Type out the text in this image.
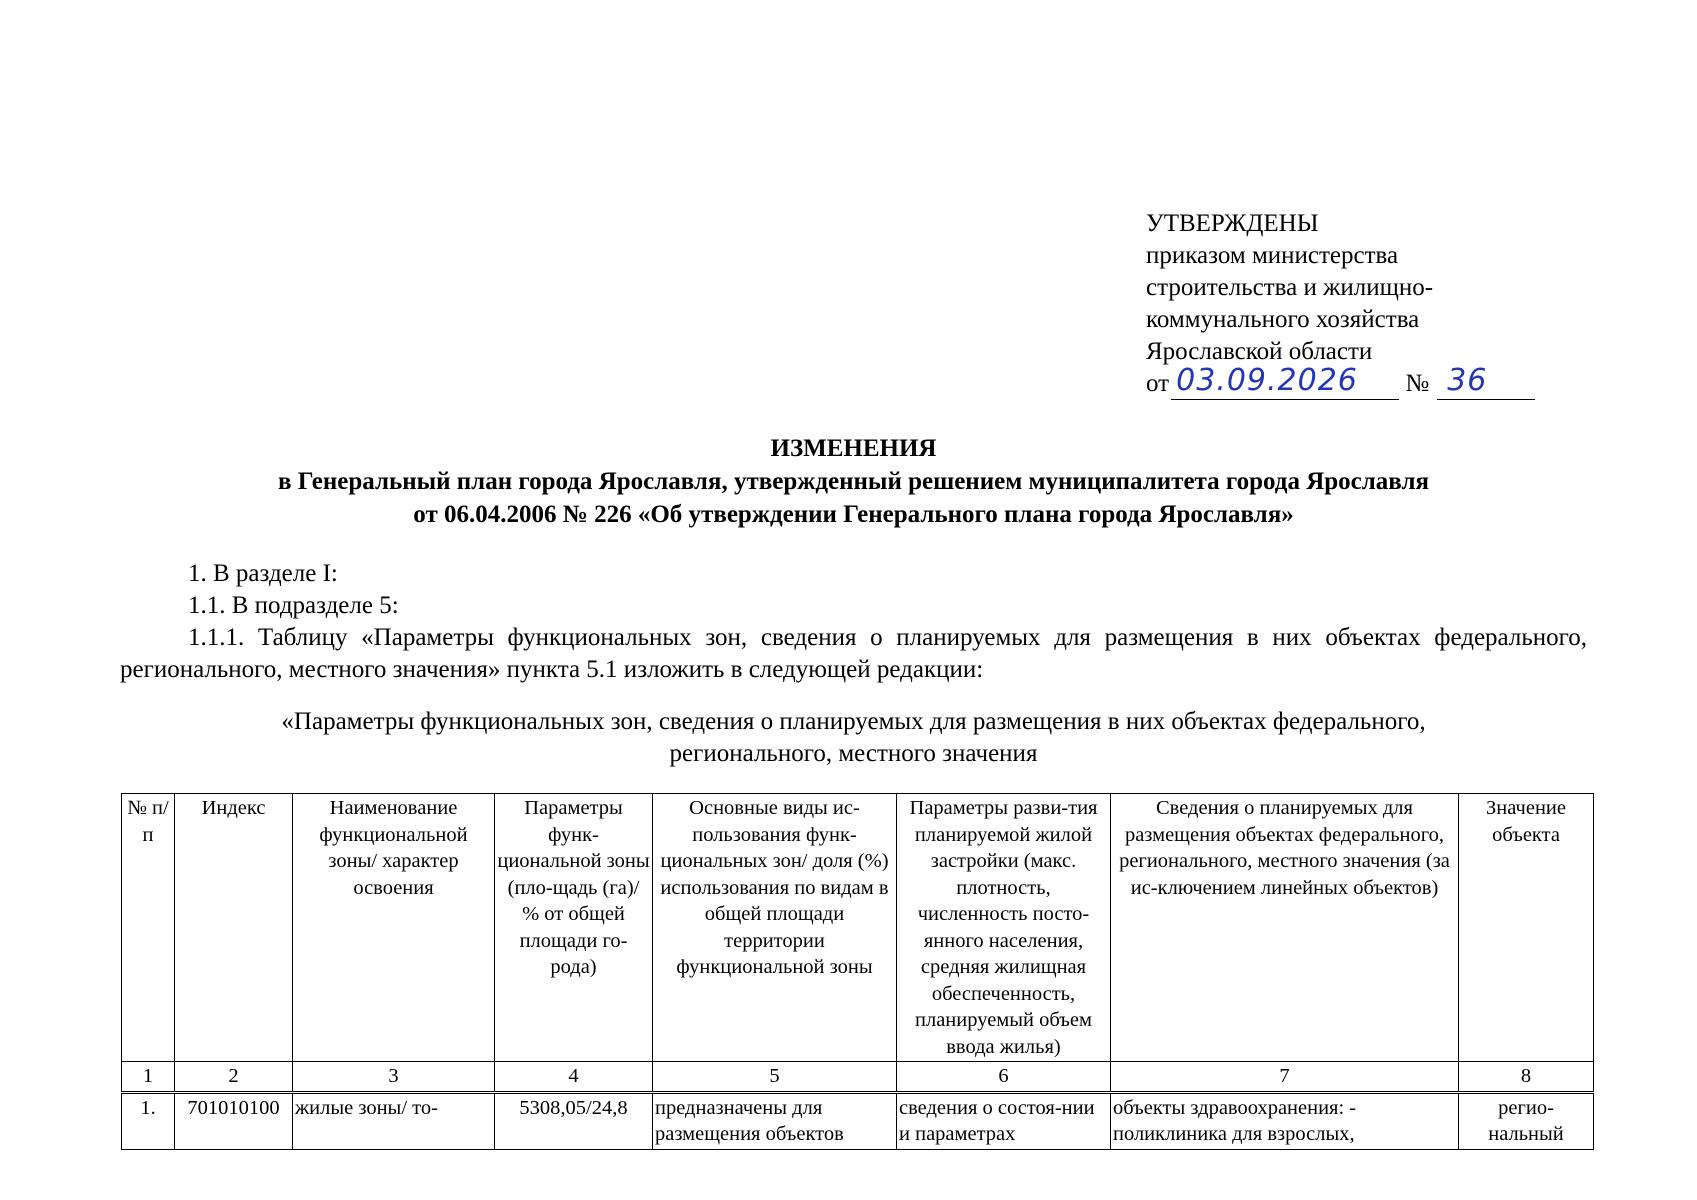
УТВЕРЖДЕНЫ
приказом министерства
строительства и жилищно-
коммунального хозяйства
Ярославской области
от 03.09.2026 № 36
ИЗМЕНЕНИЯ
в Генеральный план города Ярославля, утвержденный решением муниципалитета города Ярославля
от 06.04.2006 № 226 «Об утверждении Генерального плана города Ярославля»
1. В разделе I:
1.1. В подразделе 5:
1.1.1. Таблицу «Параметры функциональных зон, сведения о планируемых для размещения в них объектах федерального, регионального, местного значения» пункта 5.1 изложить в следующей редакции:
«Параметры функциональных зон, сведения о планируемых для размещения в них объектах федерального,
регионального, местного значения
№ п/п	Индекс	Наименование функциональной зоны/ характер освоения	Параметры функ-циональной зоны (пло-щадь (га)/ % от общей площади го-рода)	Основные виды ис-пользования функ-циональных зон/ доля (%) использования по видам в общей площади территории функциональной зоны	Параметры разви-тия планируемой жилой застройки (макс. плотность, численность посто-янного населения, средняя жилищная обеспеченность, планируемый объем ввода жилья)	Сведения о планируемых для размещения объектах федерального, регионального, местного значения (за ис-ключением линейных объектов)	Значение объекта
1	2	3	4	5	6	7	8
1.	701010100	жилые зоны/ то-	5308,05/24,8	предназначены для размещения объектов	сведения о состоя-нии и параметрах	объекты здравоохранения: - поликлиника для взрослых,	регио-нальный
